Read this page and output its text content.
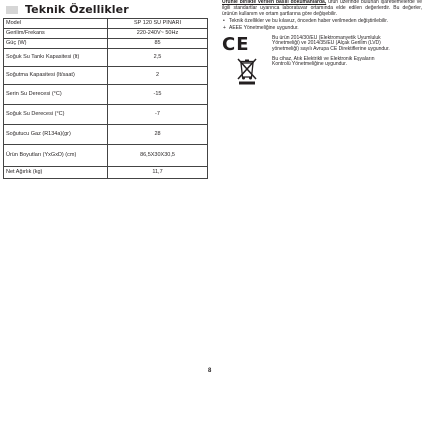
Teknik Özellikler
Model	SP 120 SU PINARI
Gerilim/Frekans	220-240V~ 50Hz
Güç (W)	85
Soğuk Su Tankı Kapasitesi (lt)	2,5
Soğutma Kapasitesi (lt/saat)	2
Serin Su Derecesi (°C)	-15
Soğuk Su Derecesi (°C)	-7
Soğutucu Gaz (R134a)(gr)	28
Ürün Boyutları (YxGxD) (cm)	86,5X30X30,5
Net Ağırlık (kg)	11,7
Ürünle birlikte verilen basılı dokümanlarda, ürün üzerinde bulunan işaretlemelerde ve ilgili standartlar uyarınca laboratuvar ortamında elde edilen değerlerdir. Bu değerler, ürünün kullanım ve ortam şartlarına göre değişebilir.
• Teknik özellikler ve bu kılavuz, önceden haber verilmeden değiştirilebilir.
+ AEEE Yönetmeliğine uygundur.
CE	Bu ürün 2014/30/EU (Elektromanyetik Uyumluluk Yönetmeliği) ve 2014/35/EU (Alçak Gerilim (LVD) yönetmeliği) sayılı Avrupa CE Direktiflerine uygundur.
Bu cihaz, Atık Elektrikli ve Elektronik Eşyaların Kontrolü Yönetmeliğine uygundur.
8
